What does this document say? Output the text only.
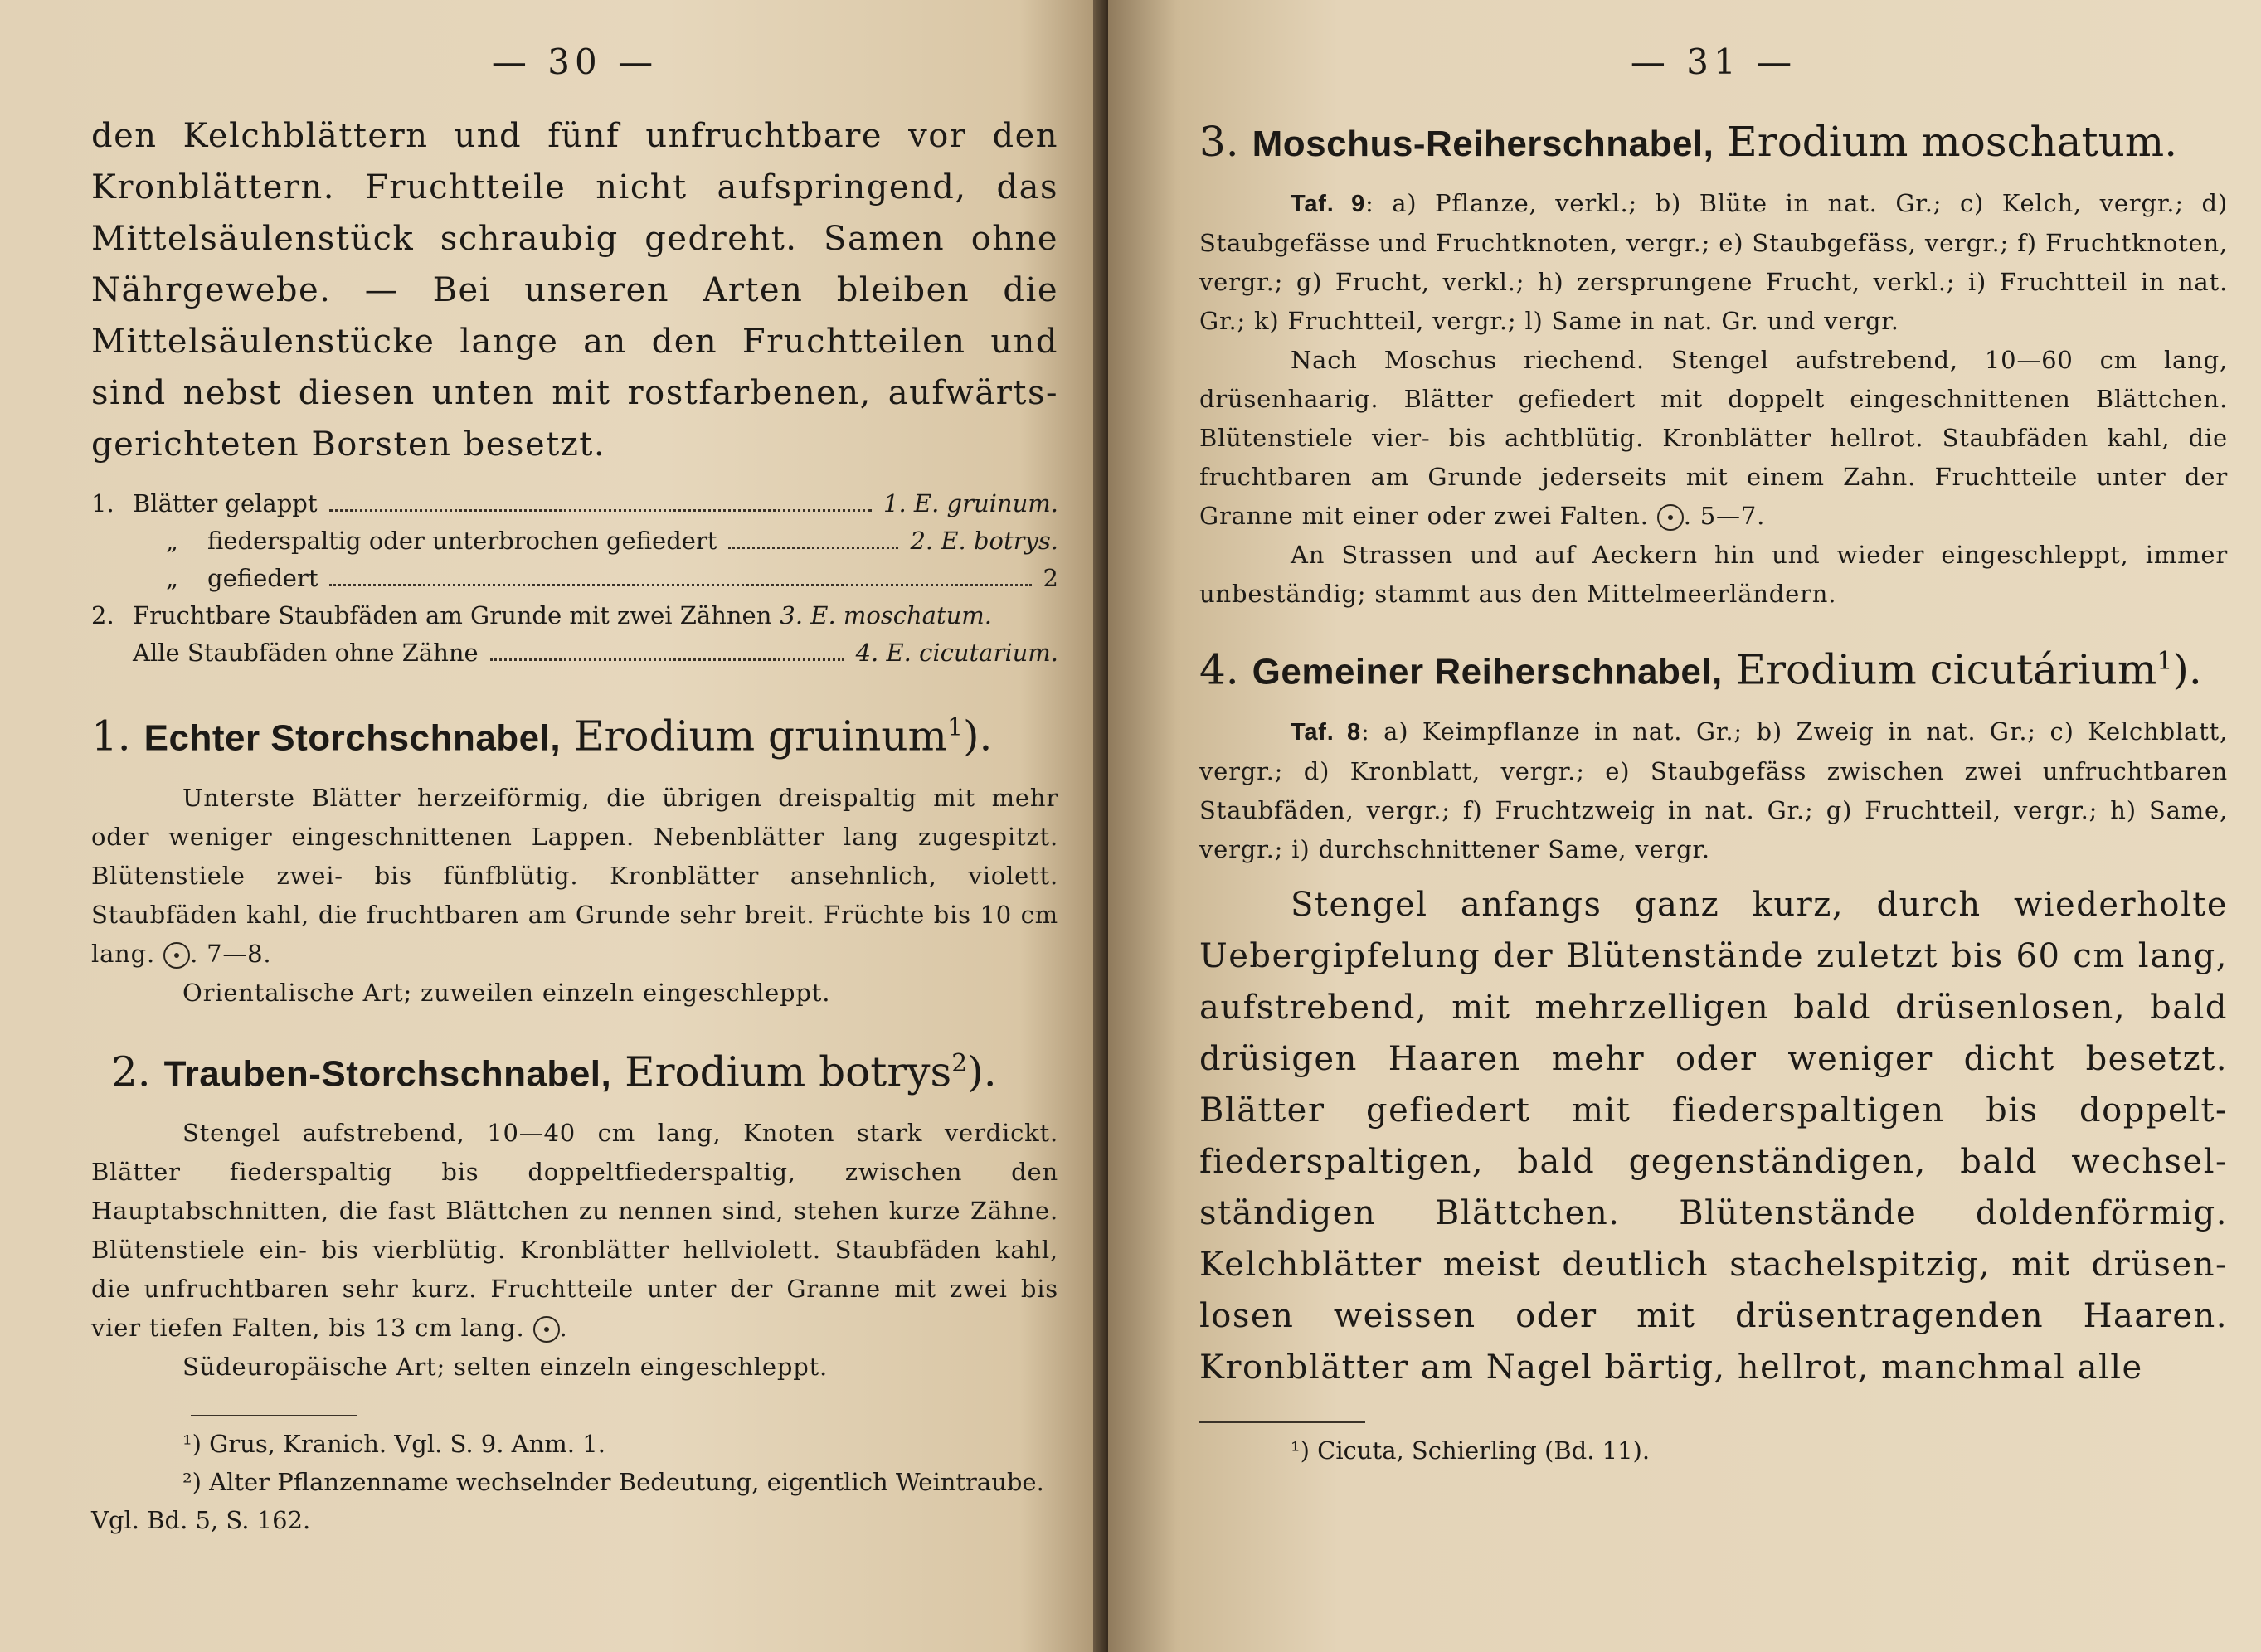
— 30 —
den Kelchblättern und fünf unfruchtbare vor den Kronblättern. Fruchtteile nicht aufspringend, das Mittelsäulenstück schraubig gedreht. Samen ohne Nährgewebe. — Bei unseren Arten bleiben die Mittelsäulenstücke lange an den Fruchtteilen und sind nebst diesen unten mit rostfarbenen, aufwärts-gerichteten Borsten besetzt.
1. Blätter gelappt	1. E. gruinum.
„	fiederspaltig oder unterbrochen gefiedert	2. E. botrys.
„	gefiedert	2
2. Fruchtbare Staubfäden am Grunde mit zwei Zähnen 3. E. moschatum.
Alle Staubfäden ohne Zähne	4. E. cicutarium.
1. Echter Storchschnabel, Erodium gruinum$^1$).
Unterste Blätter herzeiförmig, die übrigen dreispaltig mit mehr oder weniger eingeschnittenen Lappen. Nebenblätter lang zugespitzt. Blütenstiele zwei- bis fünfblütig. Kronblätter ansehnlich, violett. Staubfäden kahl, die fruchtbaren am Grunde sehr breit. Früchte bis 10 cm lang. . 7—8.
Orientalische Art; zuweilen einzeln eingeschleppt.
2. Trauben-Storchschnabel, Erodium botrys$^2$).
Stengel aufstrebend, 10—40 cm lang, Knoten stark verdickt. Blätter fiederspaltig bis doppeltfiederspaltig, zwischen den Hauptabschnitten, die fast Blättchen zu nennen sind, stehen kurze Zähne. Blütenstiele ein- bis vierblütig. Kronblätter hellviolett. Staubfäden kahl, die unfruchtbaren sehr kurz. Fruchtteile unter der Granne mit zwei bis vier tiefen Falten, bis 13 cm lang. .
Südeuropäische Art; selten einzeln eingeschleppt.
¹) Grus, Kranich. Vgl. S. 9. Anm. 1.
²) Alter Pflanzenname wechselnder Bedeutung, eigentlich Weintraube. Vgl. Bd. 5, S. 162.
— 31 —
3. Moschus-Reiherschnabel, Erodium moschatum.
Taf. 9: a) Pflanze, verkl.; b) Blüte in nat. Gr.; c) Kelch, vergr.; d) Staubgefässe und Fruchtknoten, vergr.; e) Staubgefäss, vergr.; f) Fruchtknoten, vergr.; g) Frucht, verkl.; h) zersprungene Frucht, verkl.; i) Fruchtteil in nat. Gr.; k) Fruchtteil, vergr.; l) Same in nat. Gr. und vergr.
Nach Moschus riechend. Stengel aufstrebend, 10—60 cm lang, drüsenhaarig. Blätter gefiedert mit doppelt eingeschnittenen Blättchen. Blütenstiele vier- bis achtblütig. Kronblätter hellrot. Staubfäden kahl, die fruchtbaren am Grunde jederseits mit einem Zahn. Fruchtteile unter der Granne mit einer oder zwei Falten. . 5—7.
An Strassen und auf Aeckern hin und wieder eingeschleppt, immer unbeständig; stammt aus den Mittelmeerländern.
4. Gemeiner Reiherschnabel, Erodium cicutárium$^1$).
Taf. 8: a) Keimpflanze in nat. Gr.; b) Zweig in nat. Gr.; c) Kelchblatt, vergr.; d) Kronblatt, vergr.; e) Staubgefäss zwischen zwei unfruchtbaren Staubfäden, vergr.; f) Fruchtzweig in nat. Gr.; g) Fruchtteil, vergr.; h) Same, vergr.; i) durchschnittener Same, vergr.
Stengel anfangs ganz kurz, durch wiederholte Uebergipfelung der Blütenstände zuletzt bis 60 cm lang, aufstrebend, mit mehrzelligen bald drüsenlosen, bald drüsigen Haaren mehr oder weniger dicht besetzt. Blätter gefiedert mit fiederspaltigen bis doppelt-fiederspaltigen, bald gegenständigen, bald wechsel-ständigen Blättchen. Blütenstände doldenförmig. Kelchblätter meist deutlich stachelspitzig, mit drüsen-losen weissen oder mit drüsentragenden Haaren. Kronblätter am Nagel bärtig, hellrot, manchmal alle
¹) Cicuta, Schierling (Bd. 11).
